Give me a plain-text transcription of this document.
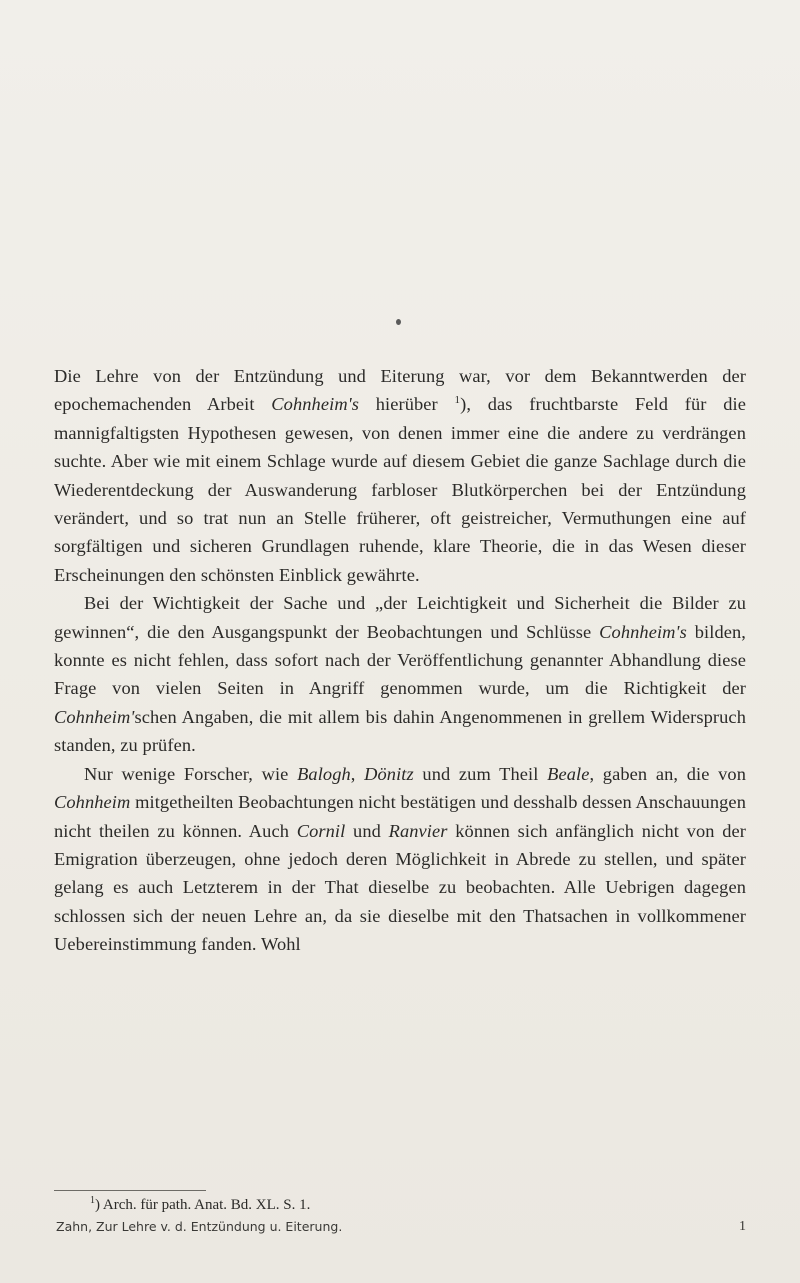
Die Lehre von der Entzündung und Eiterung war, vor dem Bekanntwerden der epochemachenden Arbeit Cohnheim's hierüber $^1$), das fruchtbarste Feld für die mannigfaltigsten Hypothesen gewesen, von denen immer eine die andere zu verdrängen suchte. Aber wie mit einem Schlage wurde auf diesem Gebiet die ganze Sachlage durch die Wiederentdeckung der Auswanderung farbloser Blutkörperchen bei der Entzündung verändert, und so trat nun an Stelle früherer, oft geistreicher, Vermuthungen eine auf sorgfältigen und sicheren Grundlagen ruhende, klare Theorie, die in das Wesen dieser Erscheinungen den schönsten Einblick gewährte.

Bei der Wichtigkeit der Sache und „der Leichtigkeit und Sicherheit die Bilder zu gewinnen“, die den Ausgangspunkt der Beobachtungen und Schlüsse Cohnheim's bilden, konnte es nicht fehlen, dass sofort nach der Veröffentlichung genannter Abhandlung diese Frage von vielen Seiten in Angriff genommen wurde, um die Richtigkeit der Cohnheim'schen Angaben, die mit allem bis dahin Angenommenen in grellem Widerspruch standen, zu prüfen.

Nur wenige Forscher, wie Balogh, Dönitz und zum Theil Beale, gaben an, die von Cohnheim mitgetheilten Beobachtungen nicht bestätigen und desshalb dessen Anschauungen nicht theilen zu können. Auch Cornil und Ranvier können sich anfänglich nicht von der Emigration überzeugen, ohne jedoch deren Möglichkeit in Abrede zu stellen, und später gelang es auch Letzterem in der That dieselbe zu beobachten. Alle Uebrigen dagegen schlossen sich der neuen Lehre an, da sie dieselbe mit den Thatsachen in vollkommener Uebereinstimmung fanden. Wohl

$^1$) Arch. für path. Anat. Bd. XL. S. 1.
Zahn, Zur Lehre v. d. Entzündung u. Eiterung.	1
